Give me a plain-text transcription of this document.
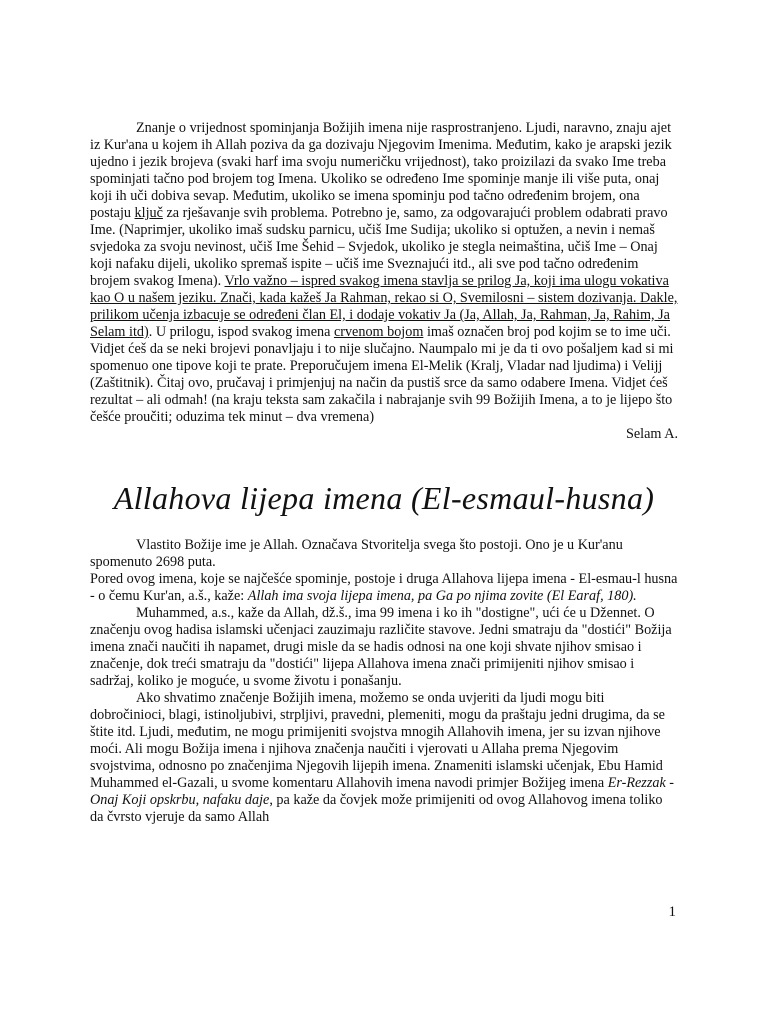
Znanje o vrijednost spominjanja Božijih imena nije rasprostranjeno. Ljudi, naravno, znaju ajet iz Kur'ana u kojem ih Allah poziva da ga dozivaju Njegovim Imenima. Međutim, kako je arapski jezik ujedno i jezik brojeva (svaki harf ima svoju numeričku vrijednost), tako proizilazi da svako Ime treba spominjati tačno pod brojem tog Imena. Ukoliko se određeno Ime spominje manje ili više puta, onaj koji ih uči dobiva sevap. Međutim, ukoliko se imena spominju pod tačno određenim brojem, ona postaju ključ za rješavanje svih problema. Potrebno je, samo, za odgovarajući problem odabrati pravo Ime. (Naprimjer, ukoliko imaš sudsku parnicu, učiš Ime Sudija; ukoliko si optužen, a nevin i nemaš svjedoka za svoju nevinost, učiš Ime Šehid – Svjedok, ukoliko je stegla neimaština, učiš Ime – Onaj koji nafaku dijeli, ukoliko spremaš ispite – učiš ime Sveznajući itd., ali sve pod tačno određenim brojem svakog Imena). Vrlo važno – ispred svakog imena stavlja se prilog Ja, koji ima ulogu vokativa kao O u našem jeziku. Znači, kada kažeš Ja Rahman, rekao si O, Svemilosni – sistem dozivanja. Dakle, prilikom učenja izbacuje se određeni član El, i dodaje vokativ Ja (Ja, Allah, Ja, Rahman, Ja, Rahim, Ja Selam itd). U prilogu, ispod svakog imena crvenom bojom imaš označen broj pod kojim se to ime uči. Vidjet ćeš da se neki brojevi ponavljaju i to nije slučajno. Naumpalo mi je da ti ovo pošaljem kad si mi spomenuo one tipove koji te prate. Preporučujem imena El-Melik (Kralj, Vladar nad ljudima) i Velijj (Zaštitnik). Čitaj ovo, pručavaj i primjenjuj na način da pustiš srce da samo odabere Imena. Vidjet ćeš rezultat – ali odmah! (na kraju teksta sam zakačila i nabrajanje svih 99 Božijih Imena, a to je lijepo što češće proučiti; oduzima tek minut – dva vremena)

Selam A.

Allahova lijepa imena (El-esmaul-husna)

Vlastito Božije ime je Allah. Označava Stvoritelja svega što postoji. Ono je u Kur'anu spomenuto 2698 puta.

Pored ovog imena, koje se najčešće spominje, postoje i druga Allahova lijepa imena - El-esmau-l husna - o čemu Kur'an, a.š., kaže: Allah ima svoja lijepa imena, pa Ga po njima zovite (El Earaf, 180).

Muhammed, a.s., kaže da Allah, dž.š., ima 99 imena i ko ih "dostigne", ući će u Džennet. O značenju ovog hadisa islamski učenjaci zauzimaju različite stavove. Jedni smatraju da "dostići" Božija imena znači naučiti ih napamet, drugi misle da se hadis odnosi na one koji shvate njihov smisao i značenje, dok treći smatraju da "dostići" lijepa Allahova imena znači primijeniti njihov smisao i sadržaj, koliko je moguće, u svome životu i ponašanju.

Ako shvatimo značenje Božijih imena, možemo se onda uvjeriti da ljudi mogu biti dobročinioci, blagi, istinoljubivi, strpljivi, pravedni, plemeniti, mogu da praštaju jedni drugima, da se štite itd. Ljudi, međutim, ne mogu primijeniti svojstva mnogih Allahovih imena, jer su izvan njihove moći. Ali mogu Božija imena i njihova značenja naučiti i vjerovati u Allaha prema Njegovim svojstvima, odnosno po značenjima Njegovih lijepih imena. Znameniti islamski učenjak, Ebu Hamid Muhammed el-Gazali, u svome komentaru Allahovih imena navodi primjer Božijeg imena Er-Rezzak - Onaj Koji opskrbu, nafaku daje, pa kaže da čovjek može primijeniti od ovog Allahovog imena toliko da čvrsto vjeruje da samo Allah

1
